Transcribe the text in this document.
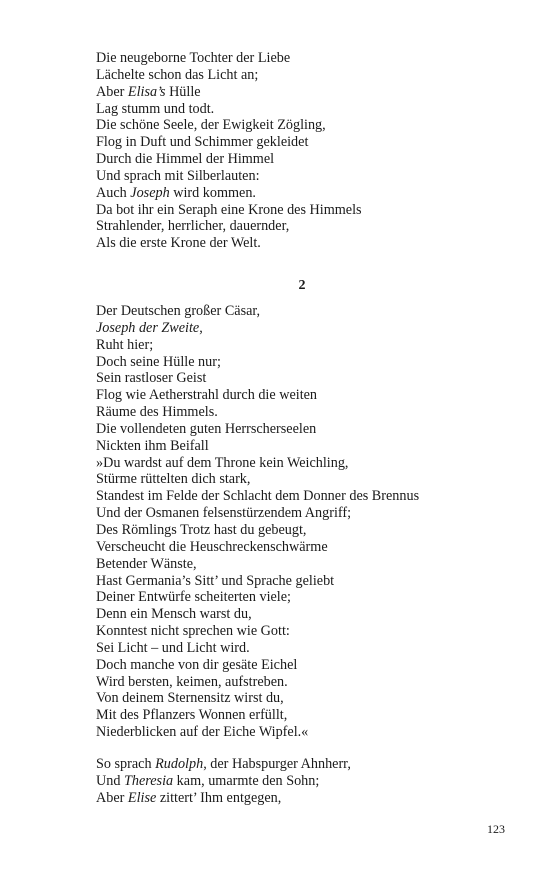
Die neugeborne Tochter der Liebe
Lächelte schon das Licht an;
Aber Elisa’s Hülle
Lag stumm und todt.
Die schöne Seele, der Ewigkeit Zögling,
Flog in Duft und Schimmer gekleidet
Durch die Himmel der Himmel
Und sprach mit Silberlauten:
Auch Joseph wird kommen.
Da bot ihr ein Seraph eine Krone des Himmels
Strahlender, herrlicher, dauernder,
Als die erste Krone der Welt.
2
Der Deutschen großer Cäsar,
Joseph der Zweite,
Ruht hier;
Doch seine Hülle nur;
Sein rastloser Geist
Flog wie Aetherstrahl durch die weiten
Räume des Himmels.
Die vollendeten guten Herrscherseelen
Nickten ihm Beifall
»Du wardst auf dem Throne kein Weichling,
Stürme rüttelten dich stark,
Standest im Felde der Schlacht dem Donner des Brennus
Und der Osmanen felsenstürzendem Angriff;
Des Römlings Trotz hast du gebeugt,
Verscheucht die Heuschreckenschwärme
Betender Wänste,
Hast Germania’s Sitt’ und Sprache geliebt
Deiner Entwürfe scheiterten viele;
Denn ein Mensch warst du,
Konntest nicht sprechen wie Gott:
Sei Licht – und Licht wird.
Doch manche von dir gesäte Eichel
Wird bersten, keimen, aufstreben.
Von deinem Sternensitz wirst du,
Mit des Pflanzers Wonnen erfüllt,
Niederblicken auf der Eiche Wipfel.«
So sprach Rudolph, der Habspurger Ahnherr,
Und Theresia kam, umarmte den Sohn;
Aber Elise zittert’ Ihm entgegen,
123
